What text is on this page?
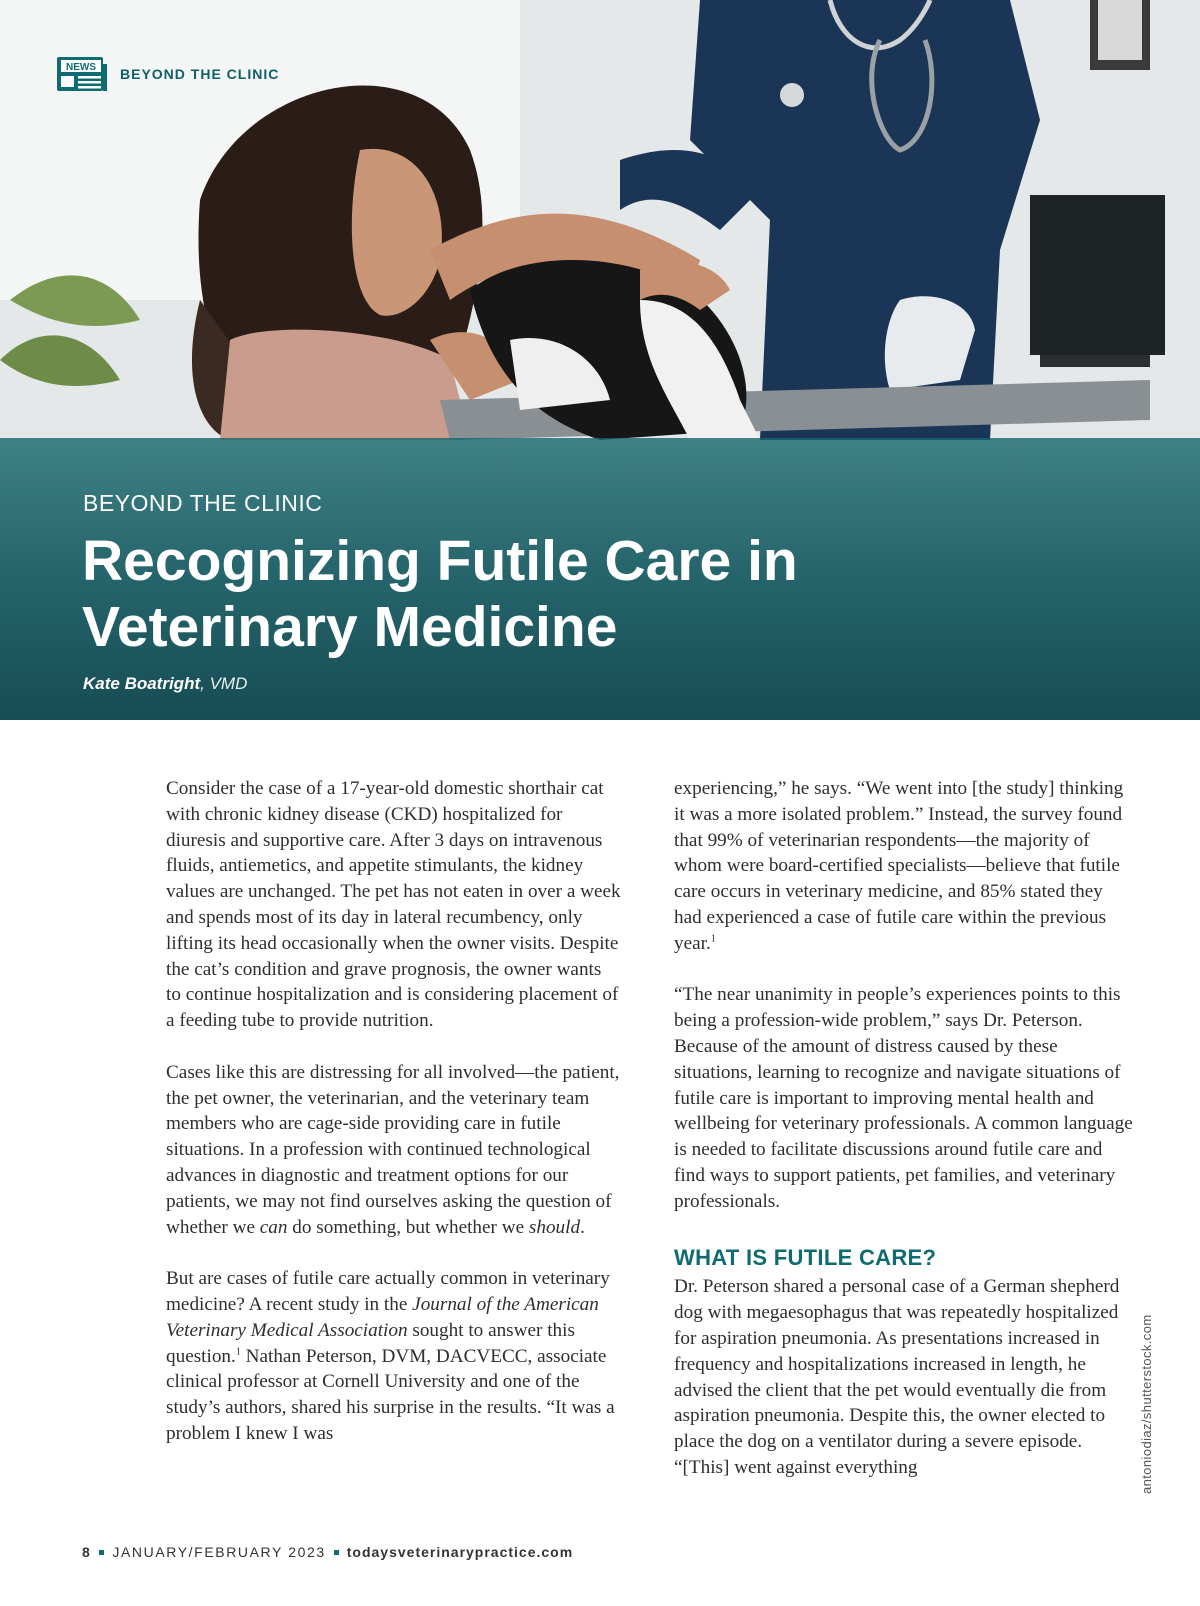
NEWS BEYOND THE CLINIC
BEYOND THE CLINIC
Recognizing Futile Care in
Veterinary Medicine
Kate Boatright, VMD

Consider the case of a 17-year-old domestic shorthair cat with chronic kidney disease (CKD) hospitalized for diuresis and supportive care. After 3 days on intravenous fluids, antiemetics, and appetite stimulants, the kidney values are unchanged. The pet has not eaten in over a week and spends most of its day in lateral recumbency, only lifting its head occasionally when the owner visits. Despite the cat’s condition and grave prognosis, the owner wants to continue hospitalization and is considering placement of a feeding tube to provide nutrition.

Cases like this are distressing for all involved—the patient, the pet owner, the veterinarian, and the veterinary team members who are cage-side providing care in futile situations. In a profession with continued technological advances in diagnostic and treatment options for our patients, we may not find ourselves asking the question of whether we can do something, but whether we should.

But are cases of futile care actually common in veterinary medicine? A recent study in the Journal of the American Veterinary Medical Association sought to answer this question.$^1$ Nathan Peterson, DVM, DACVECC, associate clinical professor at Cornell University and one of the study’s authors, shared his surprise in the results. “It was a problem I knew I was

experiencing,” he says. “We went into [the study] thinking it was a more isolated problem.” Instead, the survey found that 99% of veterinarian respondents—the majority of whom were board-certified specialists—believe that futile care occurs in veterinary medicine, and 85% stated they had experienced a case of futile care within the previous year.$^1$

“The near unanimity in people’s experiences points to this being a profession-wide problem,” says Dr. Peterson. Because of the amount of distress caused by these situations, learning to recognize and navigate situations of futile care is important to improving mental health and wellbeing for veterinary professionals. A common language is needed to facilitate discussions around futile care and find ways to support patients, pet families, and veterinary professionals.

WHAT IS FUTILE CARE?

Dr. Peterson shared a personal case of a German shepherd dog with megaesophagus that was repeatedly hospitalized for aspiration pneumonia. As presentations increased in frequency and hospitalizations increased in length, he advised the client that the pet would eventually die from aspiration pneumonia. Despite this, the owner elected to place the dog on a ventilator during a severe episode. “[This] went against everything	antoniodiaz/shutterstock.com
8 JANUARY/FEBRUARY 2023 todaysveterinarypractice.com
